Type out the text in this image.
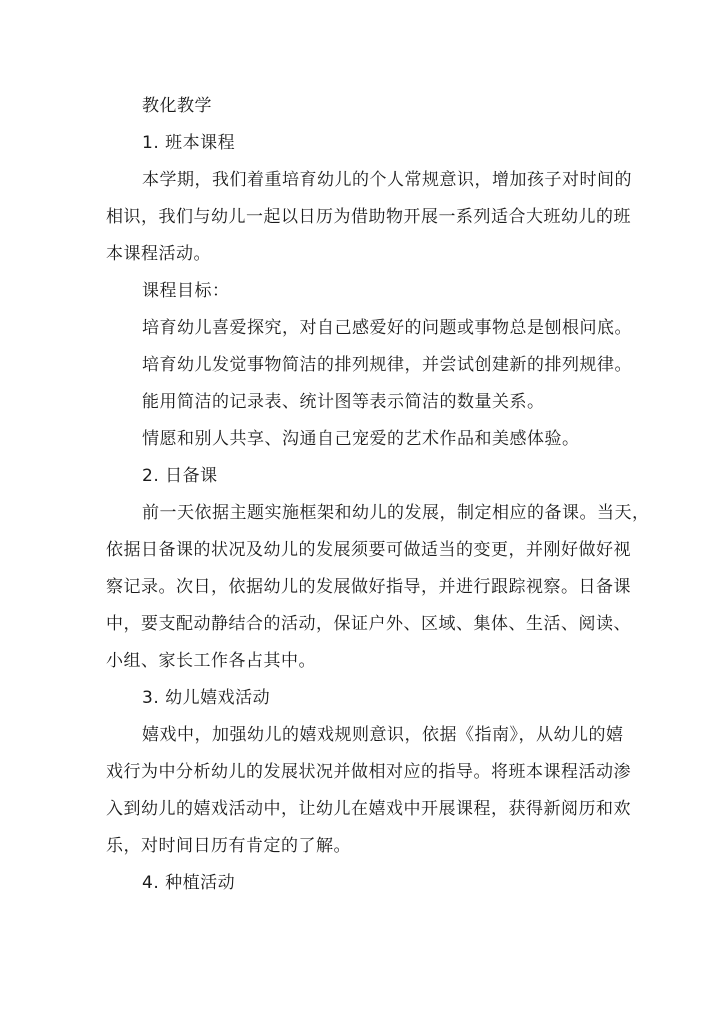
教化教学
1. 班本课程
本学期，我们着重培育幼儿的个人常规意识，增加孩子对时间的
相识，我们与幼儿一起以日历为借助物开展一系列适合大班幼儿的班
本课程活动。
课程目标：
培育幼儿喜爱探究，对自己感爱好的问题或事物总是刨根问底。
培育幼儿发觉事物简洁的排列规律，并尝试创建新的排列规律。
能用简洁的记录表、统计图等表示简洁的数量关系。
情愿和别人共享、沟通自己宠爱的艺术作品和美感体验。
2. 日备课
前一天依据主题实施框架和幼儿的发展，制定相应的备课。当天，
依据日备课的状况及幼儿的发展须要可做适当的变更，并刚好做好视
察记录。次日，依据幼儿的发展做好指导，并进行跟踪视察。日备课
中，要支配动静结合的活动，保证户外、区域、集体、生活、阅读、
小组、家长工作各占其中。
3. 幼儿嬉戏活动
嬉戏中，加强幼儿的嬉戏规则意识，依据《指南》，从幼儿的嬉
戏行为中分析幼儿的发展状况并做相对应的指导。将班本课程活动渗
入到幼儿的嬉戏活动中，让幼儿在嬉戏中开展课程，获得新阅历和欢
乐，对时间日历有肯定的了解。
4. 种植活动
